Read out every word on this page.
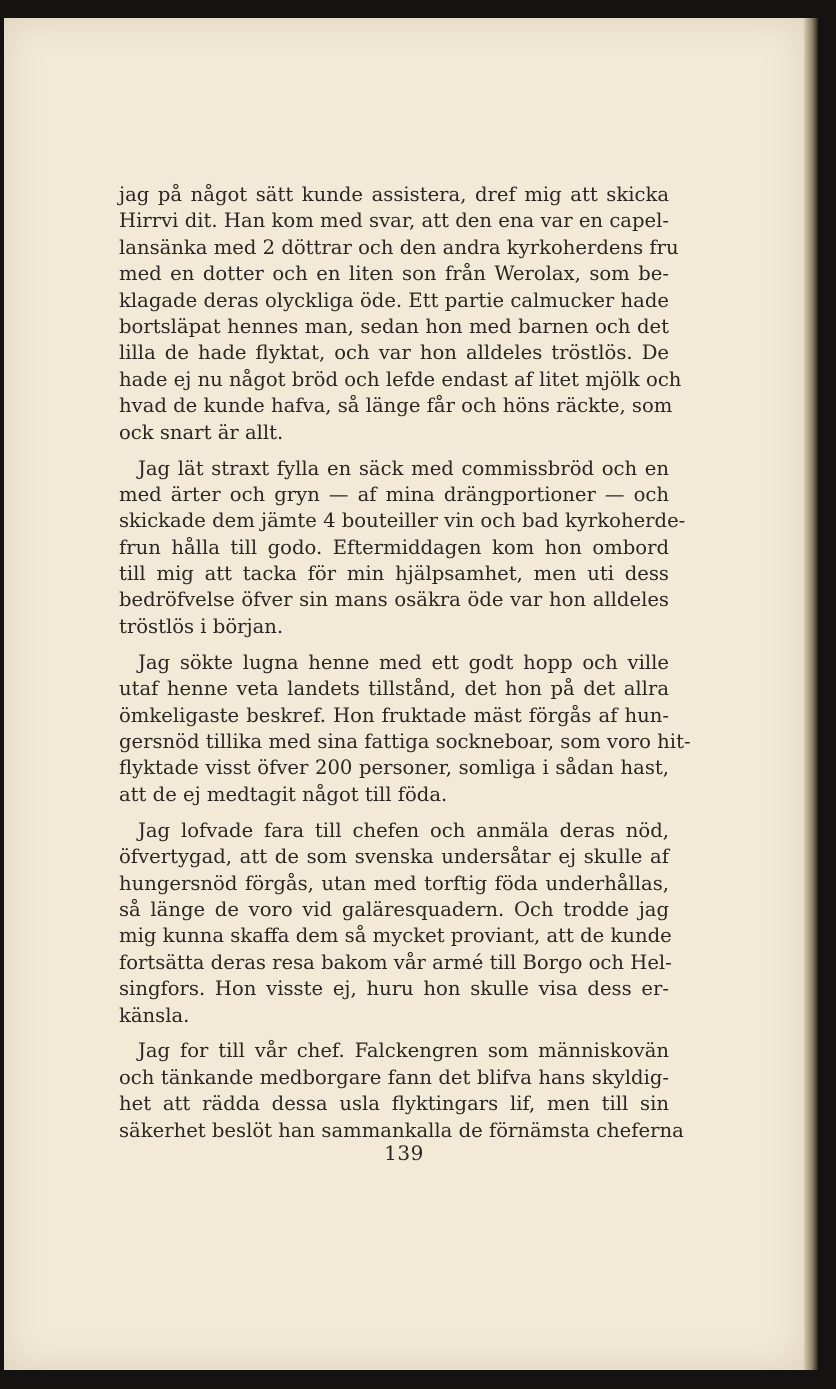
jag på något sätt kunde assistera, dref mig att skicka
Hirrvi dit. Han kom med svar, att den ena var en capel-
lansänka med 2 döttrar och den andra kyrkoherdens fru
med en dotter och en liten son från Werolax, som be-
klagade deras olyckliga öde. Ett partie calmucker hade
bortsläpat hennes man, sedan hon med barnen och det
lilla de hade flyktat, och var hon alldeles tröstlös. De
hade ej nu något bröd och lefde endast af litet mjölk och
hvad de kunde hafva, så länge får och höns räckte, som
ock snart är allt.
Jag lät straxt fylla en säck med commissbröd och en
med ärter och gryn — af mina drängportioner — och
skickade dem jämte 4 bouteiller vin och bad kyrkoherde-
frun hålla till godo. Eftermiddagen kom hon ombord
till mig att tacka för min hjälpsamhet, men uti dess
bedröfvelse öfver sin mans osäkra öde var hon alldeles
tröstlös i början.
Jag sökte lugna henne med ett godt hopp och ville
utaf henne veta landets tillstånd, det hon på det allra
ömkeligaste beskref. Hon fruktade mäst förgås af hun-
gersnöd tillika med sina fattiga sockneboar, som voro hit-
flyktade visst öfver 200 personer, somliga i sådan hast,
att de ej medtagit något till föda.
Jag lofvade fara till chefen och anmäla deras nöd,
öfvertygad, att de som svenska undersåtar ej skulle af
hungersnöd förgås, utan med torftig föda underhållas,
så länge de voro vid galäresquadern. Och trodde jag
mig kunna skaffa dem så mycket proviant, att de kunde
fortsätta deras resa bakom vår armé till Borgo och Hel-
singfors. Hon visste ej, huru hon skulle visa dess er-
känsla.
Jag for till vår chef. Falckengren som människovän
och tänkande medborgare fann det blifva hans skyldig-
het att rädda dessa usla flyktingars lif, men till sin
säkerhet beslöt han sammankalla de förnämsta cheferna
139
